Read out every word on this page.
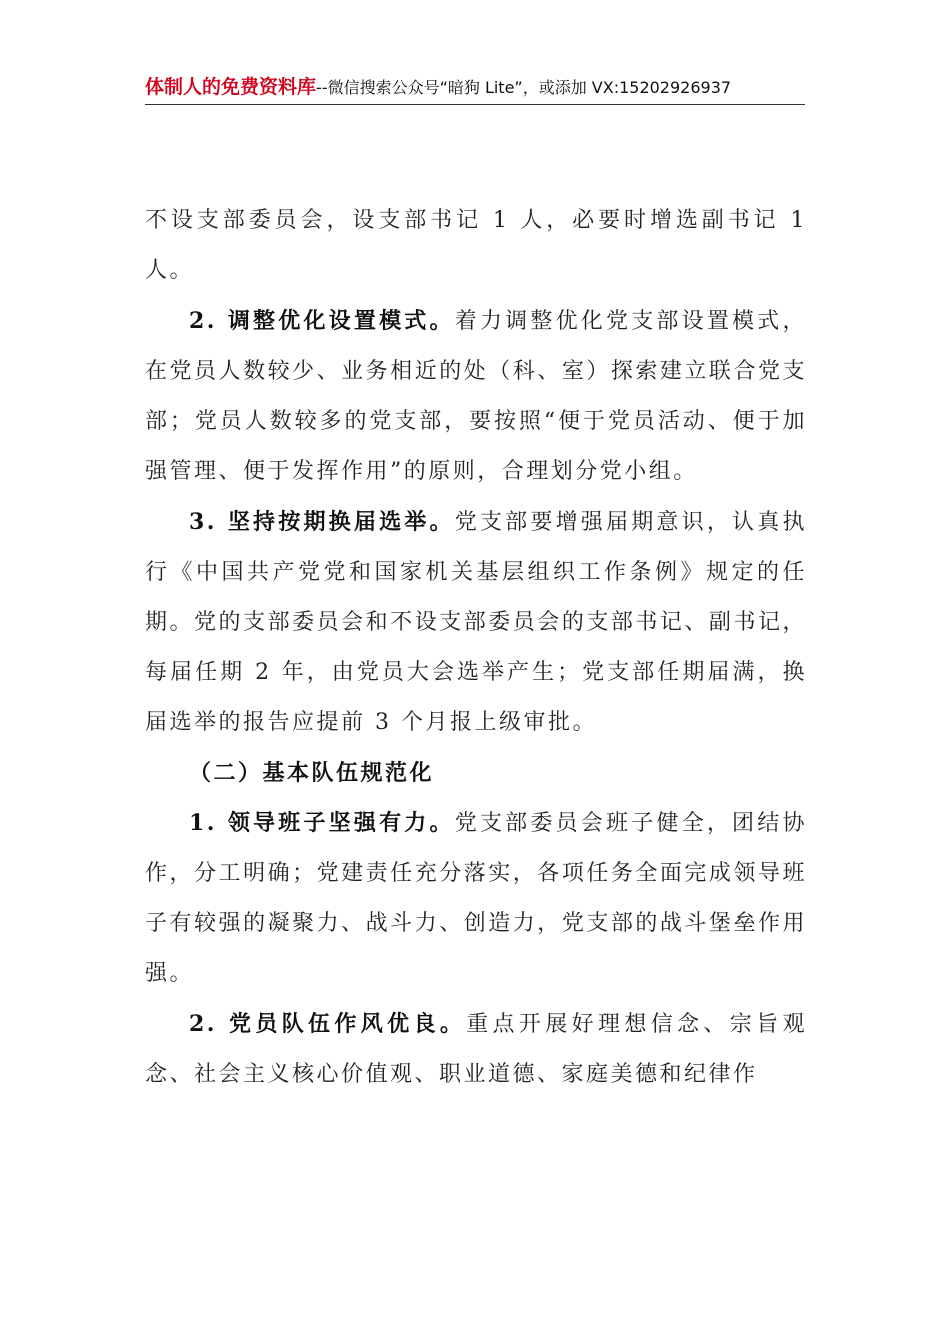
体制人的免费资料库--微信搜索公众号“暗狗 Lite”，或添加 VX:15202926937

不设支部委员会，设支部书记 1 人，必要时增选副书记 1 人。

2. 调整优化设置模式。着力调整优化党支部设置模式，在党员人数较少、业务相近的处（科、室）探索建立联合党支部；党员人数较多的党支部，要按照“便于党员活动、便于加强管理、便于发挥作用”的原则，合理划分党小组。

3. 坚持按期换届选举。党支部要增强届期意识，认真执行《中国共产党党和国家机关基层组织工作条例》规定的任期。党的支部委员会和不设支部委员会的支部书记、副书记，每届任期 2 年，由党员大会选举产生；党支部任期届满，换届选举的报告应提前 3 个月报上级审批。

（二）基本队伍规范化

1. 领导班子坚强有力。党支部委员会班子健全，团结协作，分工明确；党建责任充分落实，各项任务全面完成领导班子有较强的凝聚力、战斗力、创造力，党支部的战斗堡垒作用强。

2. 党员队伍作风优良。重点开展好理想信念、宗旨观念、社会主义核心价值观、职业道德、家庭美德和纪律作
